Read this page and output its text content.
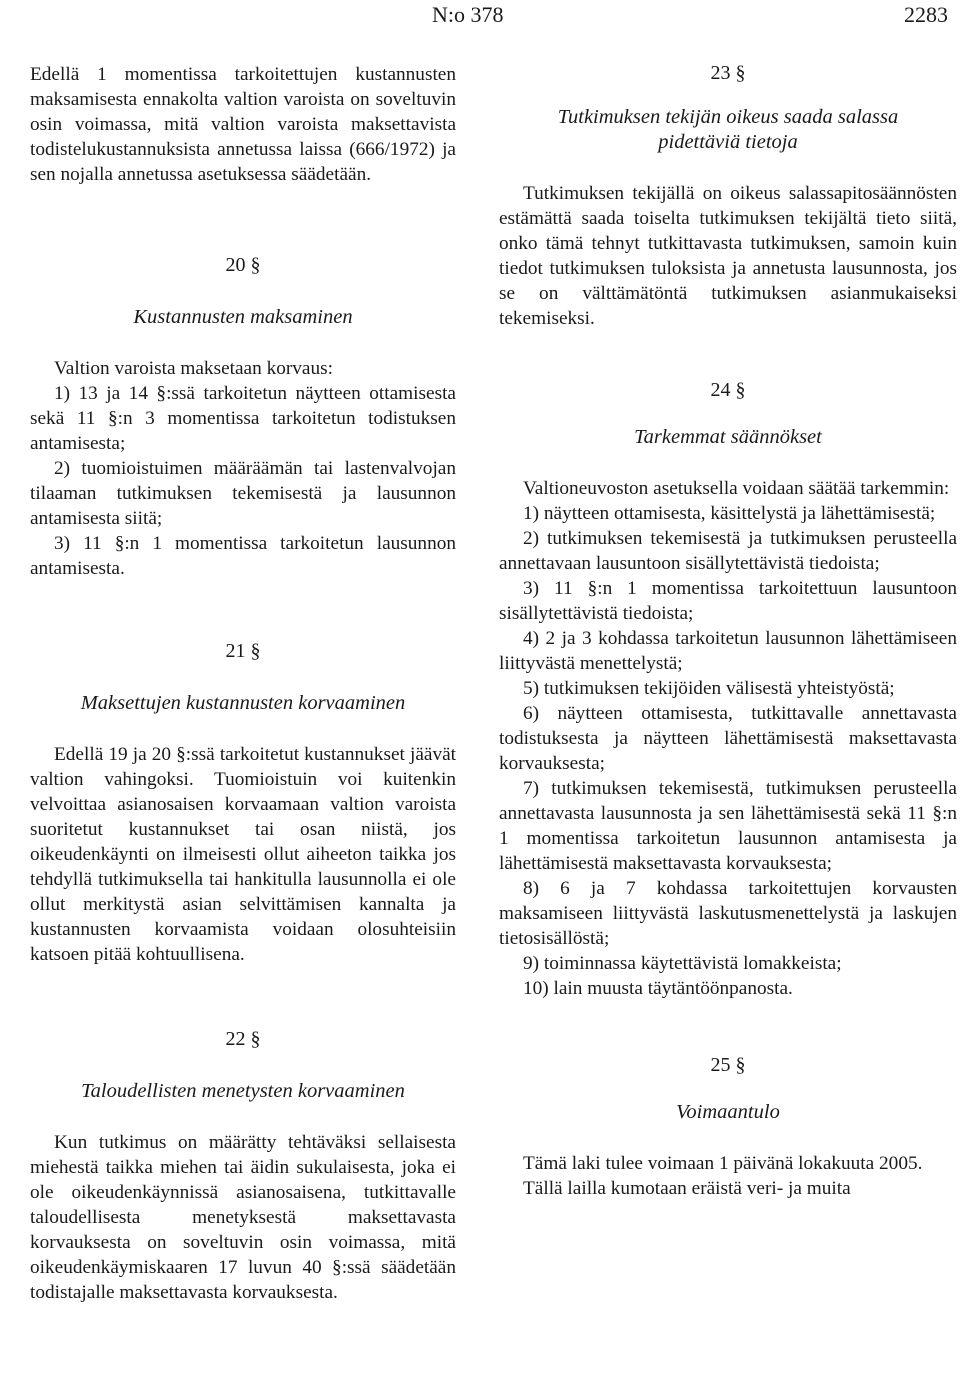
N:o 378	2283

Edellä 1 momentissa tarkoitettujen kustannusten maksamisesta ennakolta valtion varoista on soveltuvin osin voimassa, mitä valtion varoista maksettavista todistelukustannuksista annetussa laissa (666/1972) ja sen nojalla annetussa asetuksessa säädetään.

20 §
Kustannusten maksaminen

Valtion varoista maksetaan korvaus:

1) 13 ja 14 §:ssä tarkoitetun näytteen ottamisesta sekä 11 §:n 3 momentissa tarkoitetun todistuksen antamisesta;

2) tuomioistuimen määräämän tai lastenvalvojan tilaaman tutkimuksen tekemisestä ja lausunnon antamisesta siitä;

3) 11 §:n 1 momentissa tarkoitetun lausunnon antamisesta.

21 §
Maksettujen kustannusten korvaaminen

Edellä 19 ja 20 §:ssä tarkoitetut kustannukset jäävät valtion vahingoksi. Tuomioistuin voi kuitenkin velvoittaa asianosaisen korvaamaan valtion varoista suoritetut kustannukset tai osan niistä, jos oikeudenkäynti on ilmeisesti ollut aiheeton taikka jos tehdyllä tutkimuksella tai hankitulla lausunnolla ei ole ollut merkitystä asian selvittämisen kannalta ja kustannusten korvaamista voidaan olosuhteisiin katsoen pitää kohtuullisena.

22 §
Taloudellisten menetysten korvaaminen

Kun tutkimus on määrätty tehtäväksi sellaisesta miehestä taikka miehen tai äidin sukulaisesta, joka ei ole oikeudenkäynnissä asianosaisena, tutkittavalle taloudellisesta menetyksestä maksettavasta korvauksesta on soveltuvin osin voimassa, mitä oikeudenkäymiskaaren 17 luvun 40 §:ssä säädetään todistajalle maksettavasta korvauksesta.

23 §
Tutkimuksen tekijän oikeus saada salassa pidettäviä tietoja

Tutkimuksen tekijällä on oikeus salassapitosäännösten estämättä saada toiselta tutkimuksen tekijältä tieto siitä, onko tämä tehnyt tutkittavasta tutkimuksen, samoin kuin tiedot tutkimuksen tuloksista ja annetusta lausunnosta, jos se on välttämätöntä tutkimuksen asianmukaiseksi tekemiseksi.

24 §
Tarkemmat säännökset

Valtioneuvoston asetuksella voidaan säätää tarkemmin:

1) näytteen ottamisesta, käsittelystä ja lähettämisestä;

2) tutkimuksen tekemisestä ja tutkimuksen perusteella annettavaan lausuntoon sisällytettävistä tiedoista;

3) 11 §:n 1 momentissa tarkoitettuun lausuntoon sisällytettävistä tiedoista;

4) 2 ja 3 kohdassa tarkoitetun lausunnon lähettämiseen liittyvästä menettelystä;

5) tutkimuksen tekijöiden välisestä yhteistyöstä;

6) näytteen ottamisesta, tutkittavalle annettavasta todistuksesta ja näytteen lähettämisestä maksettavasta korvauksesta;

7) tutkimuksen tekemisestä, tutkimuksen perusteella annettavasta lausunnosta ja sen lähettämisestä sekä 11 §:n 1 momentissa tarkoitetun lausunnon antamisesta ja lähettämisestä maksettavasta korvauksesta;

8) 6 ja 7 kohdassa tarkoitettujen korvausten maksamiseen liittyvästä laskutusmenettelystä ja laskujen tietosisällöstä;

9) toiminnassa käytettävistä lomakkeista;

10) lain muusta täytäntöönpanosta.

25 §
Voimaantulo

Tämä laki tulee voimaan 1 päivänä lokakuuta 2005.

Tällä lailla kumotaan eräistä veri- ja muita
